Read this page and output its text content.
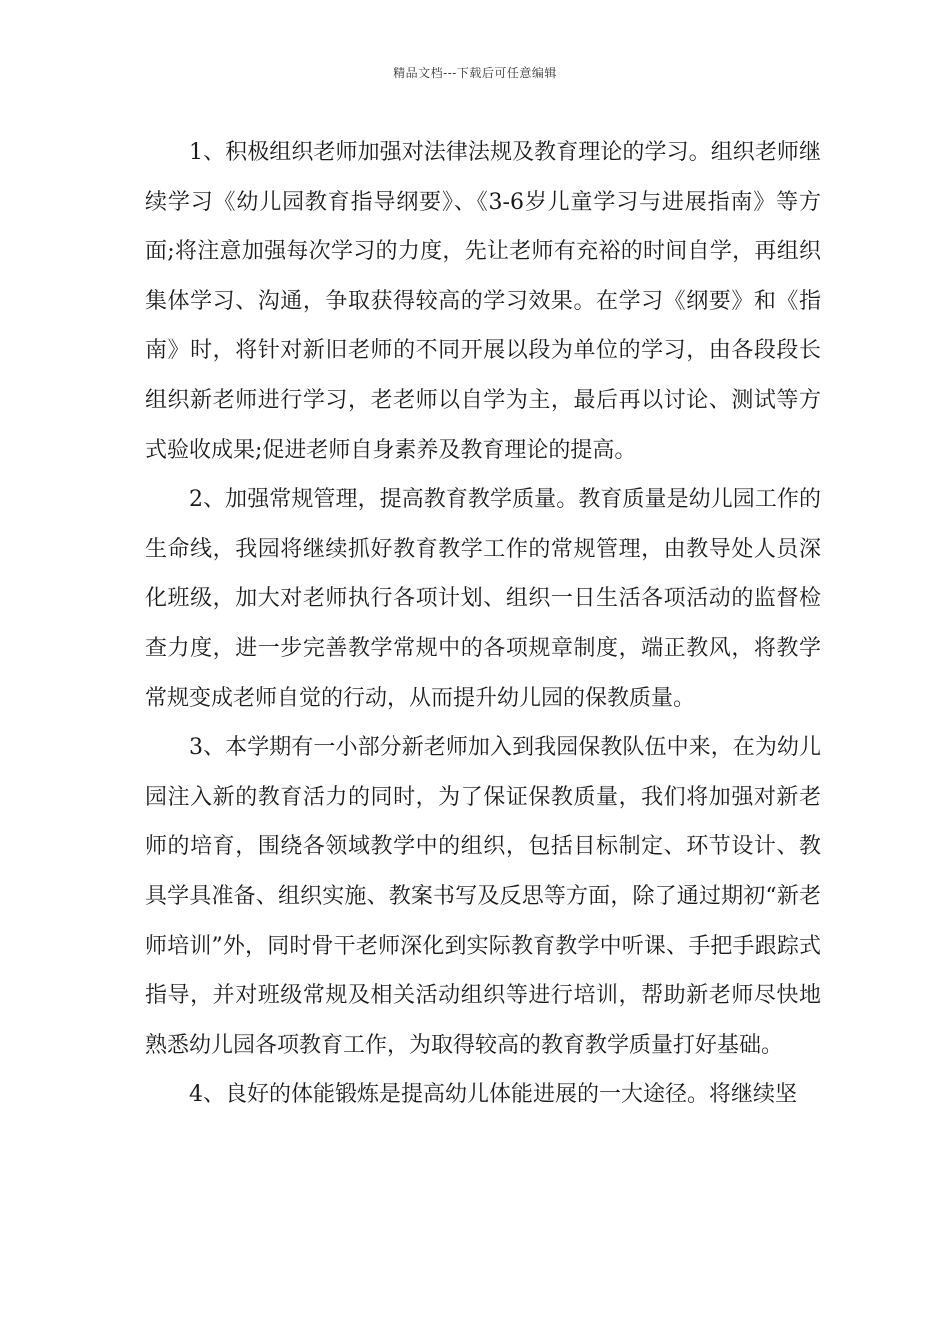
精品文档---下载后可任意编辑

1、积极组织老师加强对法律法规及教育理论的学习。组织老师继续学习《幼儿园教育指导纲要》、《3-6岁儿童学习与进展指南》等方面;将注意加强每次学习的力度，先让老师有充裕的时间自学，再组织集体学习、沟通，争取获得较高的学习效果。在学习《纲要》和《指南》时，将针对新旧老师的不同开展以段为单位的学习，由各段段长组织新老师进行学习，老老师以自学为主，最后再以讨论、测试等方式验收成果;促进老师自身素养及教育理论的提高。

2、加强常规管理，提高教育教学质量。教育质量是幼儿园工作的生命线，我园将继续抓好教育教学工作的常规管理，由教导处人员深化班级，加大对老师执行各项计划、组织一日生活各项活动的监督检查力度，进一步完善教学常规中的各项规章制度，端正教风，将教学常规变成老师自觉的行动，从而提升幼儿园的保教质量。

3、本学期有一小部分新老师加入到我园保教队伍中来，在为幼儿园注入新的教育活力的同时，为了保证保教质量，我们将加强对新老师的培育，围绕各领域教学中的组织，包括目标制定、环节设计、教具学具准备、组织实施、教案书写及反思等方面，除了通过期初“新老师培训”外，同时骨干老师深化到实际教育教学中听课、手把手跟踪式指导，并对班级常规及相关活动组织等进行培训，帮助新老师尽快地熟悉幼儿园各项教育工作，为取得较高的教育教学质量打好基础。

4、良好的体能锻炼是提高幼儿体能进展的一大途径。将继续坚
